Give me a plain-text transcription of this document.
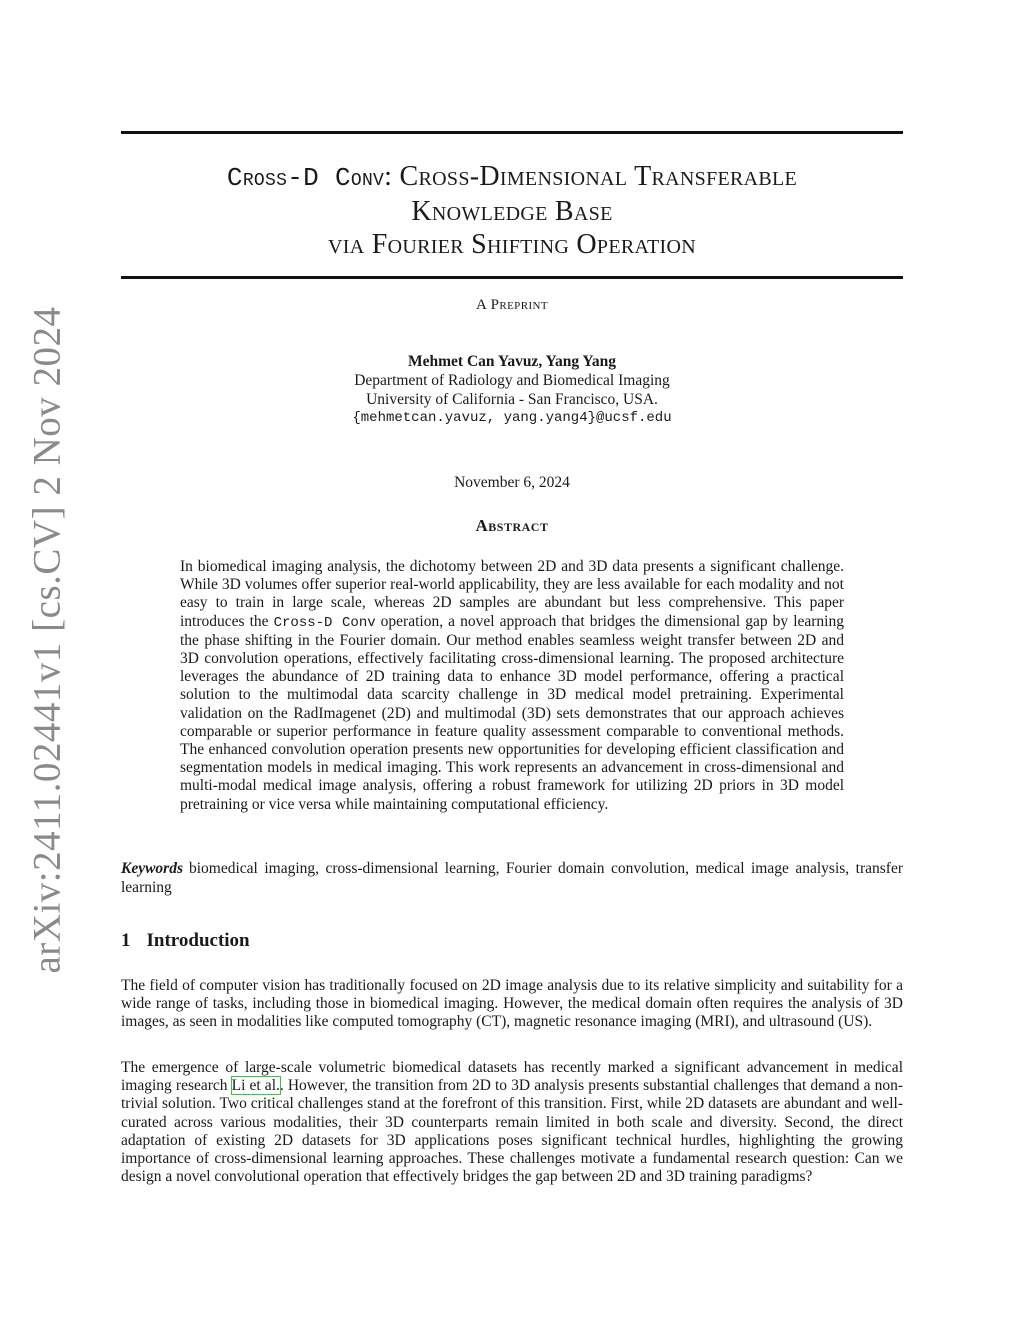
arXiv:2411.02441v1 [cs.CV] 2 Nov 2024
Cross-D Conv: Cross-Dimensional Transferable
Knowledge Base
via Fourier Shifting Operation
A Preprint
Mehmet Can Yavuz, Yang Yang
Department of Radiology and Biomedical Imaging
University of California - San Francisco, USA.
{mehmetcan.yavuz, yang.yang4}@ucsf.edu
November 6, 2024
Abstract
In biomedical imaging analysis, the dichotomy between 2D and 3D data presents a significant challenge. While 3D volumes offer superior real-world applicability, they are less available for each modality and not easy to train in large scale, whereas 2D samples are abundant but less comprehensive. This paper introduces the Cross-D Conv operation, a novel approach that bridges the dimensional gap by learning the phase shifting in the Fourier domain. Our method enables seamless weight transfer between 2D and 3D convolution operations, effectively facilitating cross-dimensional learning. The proposed architecture leverages the abundance of 2D training data to enhance 3D model performance, offering a practical solution to the multimodal data scarcity challenge in 3D medical model pretraining. Experimental validation on the RadImagenet (2D) and multimodal (3D) sets demonstrates that our approach achieves comparable or superior performance in feature quality assessment comparable to conventional methods. The enhanced convolution operation presents new opportunities for developing efficient classification and segmentation models in medical imaging. This work represents an advancement in cross-dimensional and multi-modal medical image analysis, offering a robust framework for utilizing 2D priors in 3D model pretraining or vice versa while maintaining computational efficiency.
Keywords biomedical imaging, cross-dimensional learning, Fourier domain convolution, medical image analysis, transfer learning
1 Introduction
The field of computer vision has traditionally focused on 2D image analysis due to its relative simplicity and suitability for a wide range of tasks, including those in biomedical imaging. However, the medical domain often requires the analysis of 3D images, as seen in modalities like computed tomography (CT), magnetic resonance imaging (MRI), and ultrasound (US).
The emergence of large-scale volumetric biomedical datasets has recently marked a significant advancement in medical imaging research Li et al.. However, the transition from 2D to 3D analysis presents substantial challenges that demand a non-trivial solution. Two critical challenges stand at the forefront of this transition. First, while 2D datasets are abundant and well-curated across various modalities, their 3D counterparts remain limited in both scale and diversity. Second, the direct adaptation of existing 2D datasets for 3D applications poses significant technical hurdles, highlighting the growing importance of cross-dimensional learning approaches. These challenges motivate a fundamental research question: Can we design a novel convolutional operation that effectively bridges the gap between 2D and 3D training paradigms?
